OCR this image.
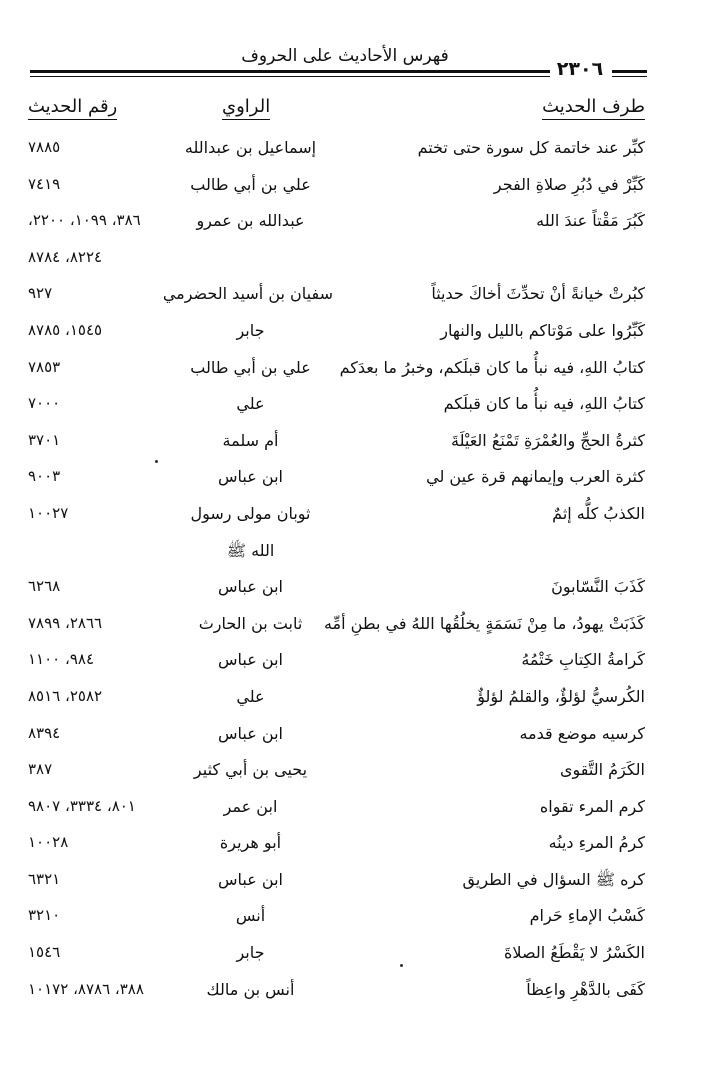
فهرس الأحاديث على الحروف
٢٣٠٦
طرف الحديث
الراوي
رقم الحديث
كبِّر عند خاتمة كل سورة حتى تختم
إسماعيل بن عبدالله
٧٨٨٥
كَبِّرْ في دُبُرِ صلاةِ الفجر
علي بن أبي طالب
٧٤١٩
كَبُرَ مَقْتاً عندَ الله
عبدالله بن عمرو
٣٨٦، ١٠٩٩، ٢٢٠٠،
٨٢٢٤، ٨٧٨٤
كبُرتْ خيانةً أنْ تحدِّثَ أخاكَ حديثاً
سفيان بن أسيد الحضرمي
٩٢٧
كَبِّرُوا على مَوْتاكم بالليل والنهار
جابر
١٥٤٥، ٨٧٨٥
كتابُ اللهِ، فيه نبأُ ما كان قبلَكم، وخبرُ ما بعدَكم
علي بن أبي طالب
٧٨٥٣
كتابُ اللهِ، فيه نبأُ ما كان قبلَكم
علي
٧٠٠٠
كثرةُ الحجِّ والعُمْرَةِ تَمْنَعُ العَيْلَةَ
أم سلمة
٣٧٠١
كثرة العرب وإيمانهم قرة عين لي
ابن عباس
٩٠٠٣
الكذبُ كلُّه إثمٌ
ثوبان مولى رسول
١٠٠٢٧
الله ﷺ
كَذَبَ النَّسّابونَ
ابن عباس
٦٢٦٨
كَذَبَتْ يهودُ، ما مِنْ نَسَمَةٍ يخلُقُها اللهُ في بطنِ أمِّه
ثابت بن الحارث
٢٨٦٦، ٧٨٩٩
كَرامةُ الكِتابِ خَتْمُهُ
ابن عباس
٩٨٤، ١١٠٠
الكُرسيُّ لؤلؤٌ، والقلمُ لؤلؤٌ
علي
٢٥٨٢، ٨٥١٦
كرسيه موضع قدمه
ابن عباس
٨٣٩٤
الكَرَمُ التَّقوى
يحيى بن أبي كثير
٣٨٧
كرم المرء تقواه
ابن عمر
٨٠١، ٣٣٣٤، ٩٨٠٧
كرمُ المرءِ دينُه
أبو هريرة
١٠٠٢٨
كره ﷺ السؤال في الطريق
ابن عباس
٦٣٢١
كَسْبُ الإماءِ حَرام
أنس
٣٢١٠
الكَسْرُ لا يَقْطَعُ الصلاةَ
جابر
١٥٤٦
كَفَى بالدَّهْرِ واعِظاً
أنس بن مالك
٣٨٨، ٨٧٨٦، ١٠١٧٢
